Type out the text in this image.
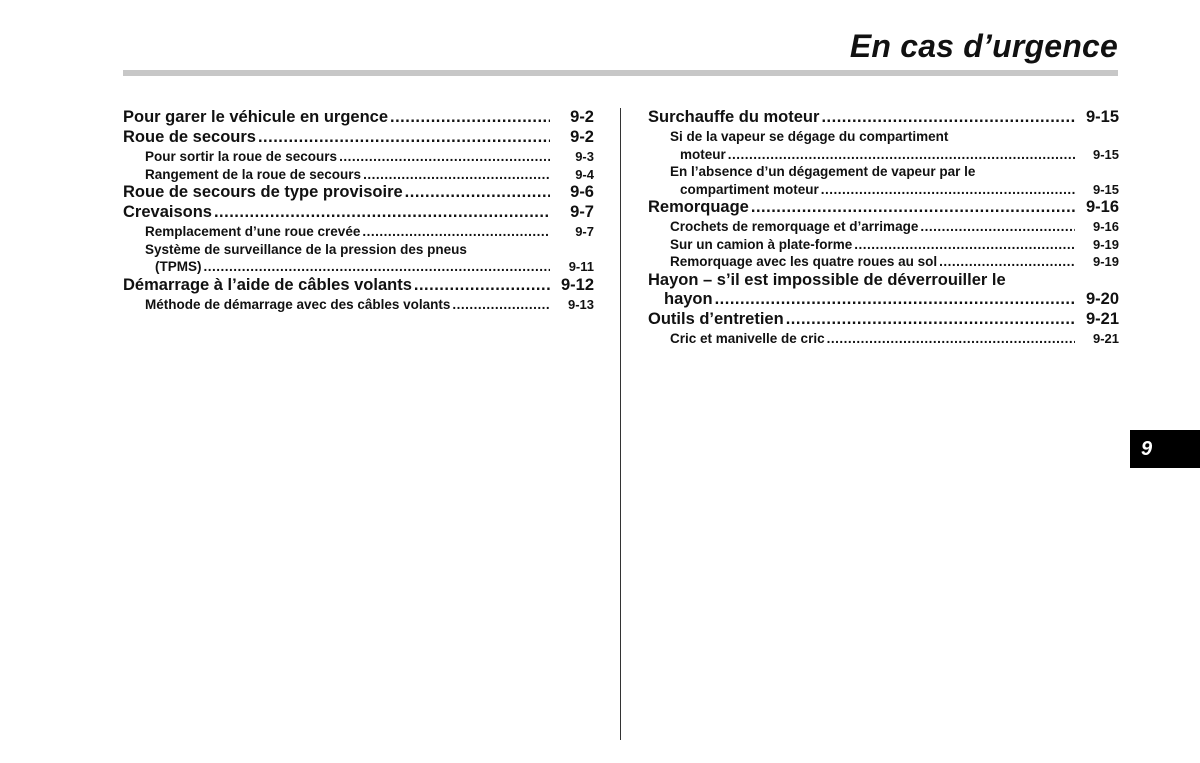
En cas d’urgence
Pour garer le véhicule en urgence .....	9-2
Roue de secours .....	9-2
Pour sortir la roue de secours .....	9-3
Rangement de la roue de secours .....	9-4
Roue de secours de type provisoire .....	9-6
Crevaisons .....	9-7
Remplacement d’une roue crevée .....	9-7
Système de surveillance de la pression des pneus
(TPMS) .....	9-11
Démarrage à l’aide de câbles volants .....	9-12
Méthode de démarrage avec des câbles volants .....	9-13
Surchauffe du moteur .....	9-15
Si de la vapeur se dégage du compartiment
moteur .....	9-15
En l’absence d’un dégagement de vapeur par le
compartiment moteur .....	9-15
Remorquage .....	9-16
Crochets de remorquage et d’arrimage .....	9-16
Sur un camion à plate-forme .....	9-19
Remorquage avec les quatre roues au sol .....	9-19
Hayon – s’il est impossible de déverrouiller le
hayon .....	9-20
Outils d’entretien .....	9-21
Cric et manivelle de cric .....	9-21
9
